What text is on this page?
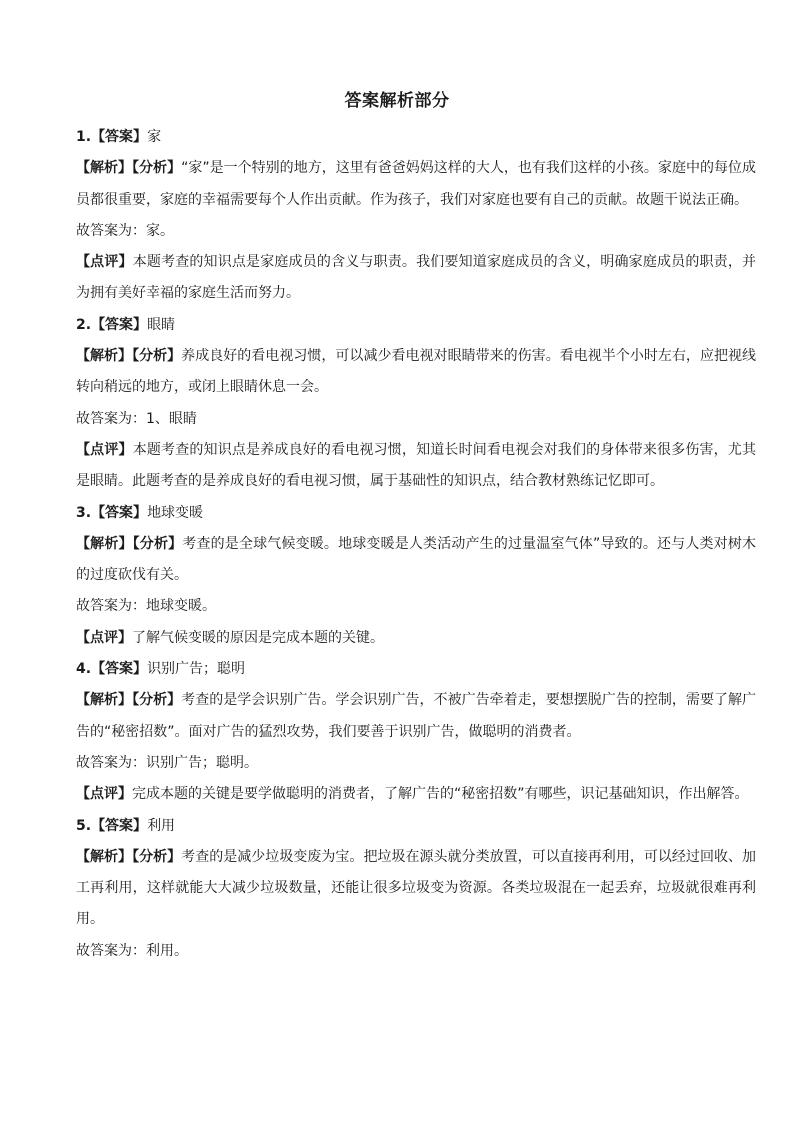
答案解析部分

1.【答案】家

【解析】【分析】“家”是一个特别的地方，这里有爸爸妈妈这样的大人，也有我们这样的小孩。家庭中的每位成员都很重要，家庭的幸福需要每个人作出贡献。作为孩子，我们对家庭也要有自己的贡献。故题干说法正确。

故答案为：家。

【点评】本题考查的知识点是家庭成员的含义与职责。我们要知道家庭成员的含义，明确家庭成员的职责，并为拥有美好幸福的家庭生活而努力。

2.【答案】眼睛

【解析】【分析】养成良好的看电视习惯，可以减少看电视对眼睛带来的伤害。看电视半个小时左右，应把视线转向稍远的地方，或闭上眼睛休息一会。

故答案为：1、眼睛

【点评】本题考查的知识点是养成良好的看电视习惯，知道长时间看电视会对我们的身体带来很多伤害，尤其是眼睛。此题考查的是养成良好的看电视习惯，属于基础性的知识点，结合教材熟练记忆即可。

3.【答案】地球变暖

【解析】【分析】考查的是全球气候变暖。地球变暖是人类活动产生的过量温室气体”导致的。还与人类对树木的过度砍伐有关。

故答案为：地球变暖。

【点评】了解气候变暖的原因是完成本题的关键。

4.【答案】识别广告；聪明

【解析】【分析】考查的是学会识别广告。学会识别广告，不被广告牵着走，要想摆脱广告的控制，需要了解广告的“秘密招数”。面对广告的猛烈攻势，我们要善于识别广告，做聪明的消费者。

故答案为：识别广告；聪明。

【点评】完成本题的关键是要学做聪明的消费者，了解广告的“秘密招数”有哪些，识记基础知识，作出解答。

5.【答案】利用

【解析】【分析】考查的是减少垃圾变废为宝。把垃圾在源头就分类放置，可以直接再利用，可以经过回收、加工再利用，这样就能大大减少垃圾数量，还能让很多垃圾变为资源。各类垃圾混在一起丢弃，垃圾就很难再利用。

故答案为：利用。
